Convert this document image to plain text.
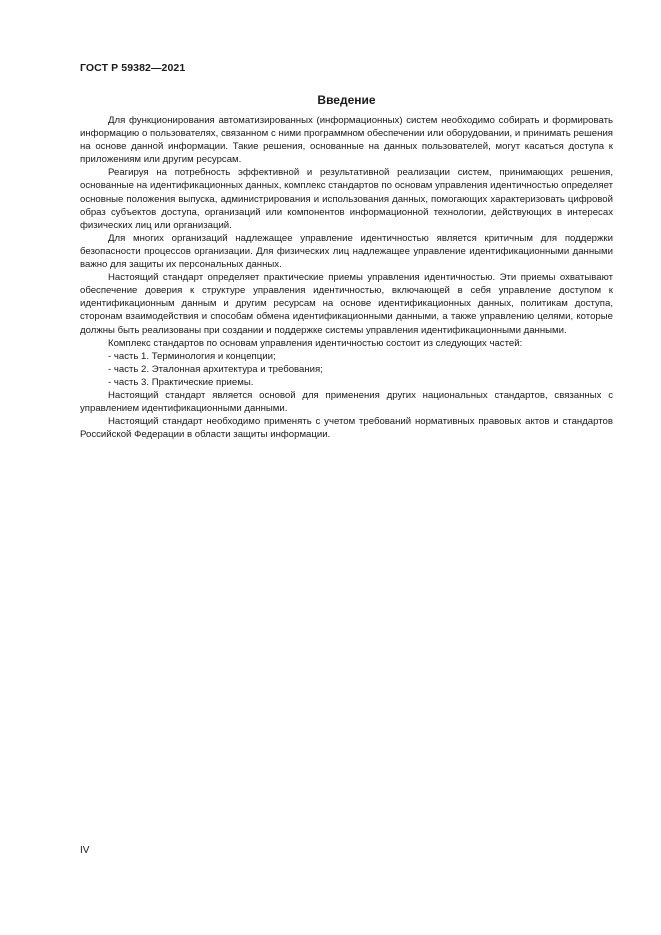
ГОСТ Р 59382—2021
Введение

Для функционирования автоматизированных (информационных) систем необходимо собирать и формировать информацию о пользователях, связанном с ними программном обеспечении или оборудовании, и принимать решения на основе данной информации. Такие решения, основанные на данных пользователей, могут касаться доступа к приложениям или другим ресурсам.

Реагируя на потребность эффективной и результативной реализации систем, принимающих решения, основанные на идентификационных данных, комплекс стандартов по основам управления идентичностью определяет основные положения выпуска, администрирования и использования данных, помогающих характеризовать цифровой образ субъектов доступа, организаций или компонентов информационной технологии, действующих в интересах физических лиц или организаций.

Для многих организаций надлежащее управление идентичностью является критичным для поддержки безопасности процессов организации. Для физических лиц надлежащее управление идентификационными данными важно для защиты их персональных данных.

Настоящий стандарт определяет практические приемы управления идентичностью. Эти приемы охватывают обеспечение доверия к структуре управления идентичностью, включающей в себя управление доступом к идентификационным данным и другим ресурсам на основе идентификационных данных, политикам доступа, сторонам взаимодействия и способам обмена идентификационными данными, а также управлению целями, которые должны быть реализованы при создании и поддержке системы управления идентификационными данными.

Комплекс стандартов по основам управления идентичностью состоит из следующих частей:

- часть 1. Терминология и концепции;

- часть 2. Эталонная архитектура и требования;

- часть 3. Практические приемы.

Настоящий стандарт является основой для применения других национальных стандартов, связанных с управлением идентификационными данными.

Настоящий стандарт необходимо применять с учетом требований нормативных правовых актов и стандартов Российской Федерации в области защиты информации.

IV
